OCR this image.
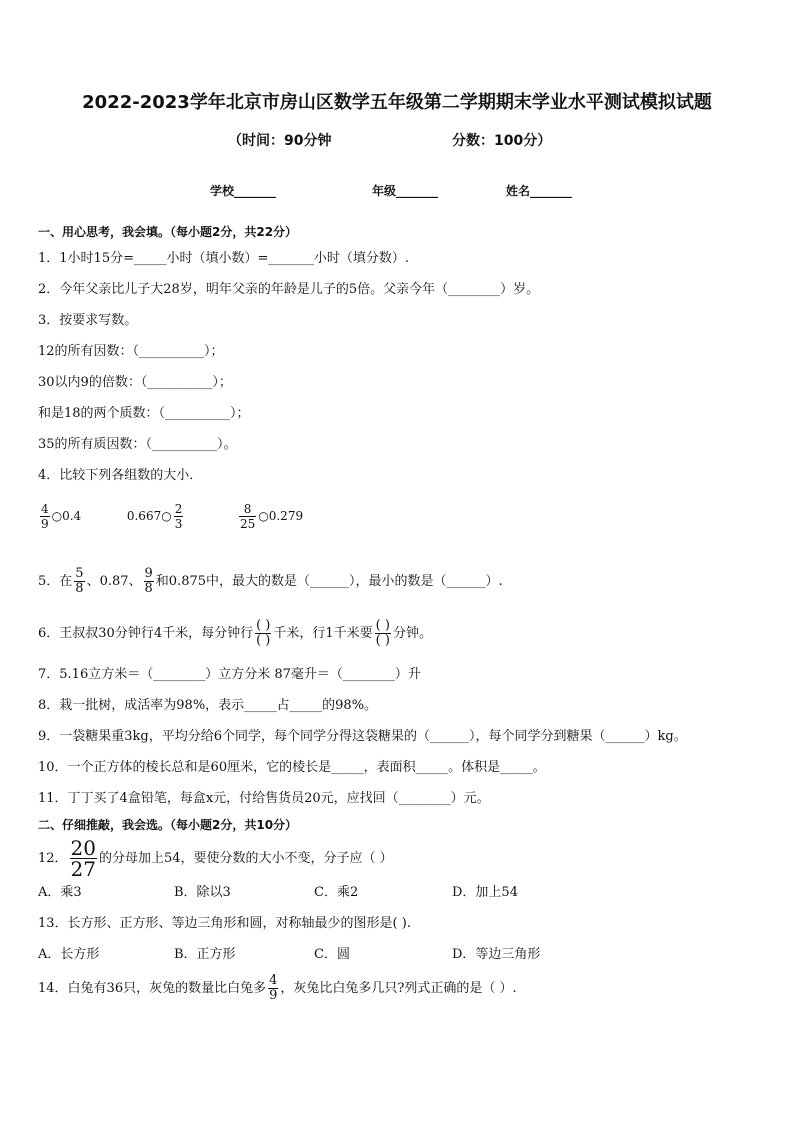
2022-2023学年北京市房山区数学五年级第二学期期末学业水平测试模拟试题
（时间：90分钟	分数：100分）
学校_______	年级_______	姓名_______
一、用心思考，我会填。（每小题2分，共22分）
1．1小时15分=_____小时（填小数）=_______小时（填分数）.
2．今年父亲比儿子大28岁，明年父亲的年龄是儿子的5倍。父亲今年（________）岁。
3．按要求写数。
12的所有因数：（__________）；
30以内9的倍数：（__________）；
和是18的两个质数：（__________）；
35的所有质因数：（__________）。
4．比较下列各组数的大小．
$\frac{4}{9}$ ○0.4	0.667○ $\frac{2}{3}$
	$\frac{8}{25}$ ○0.279
5．在 $\frac{5}{8}$ 、0.87、 $\frac{9}{8}$ 和0.875中，最大的数是（______），最小的数是（______）.
6．王叔叔30分钟行4千米，每分钟行 $\frac{( )}{( )}$ 千米，行1千米要 $\frac{( )}{( )}$ 分钟。
7．5.16立方米＝（________）立方分米 87毫升＝（________）升
8．栽一批树，成活率为98%，表示_____占_____的98%。
9．一袋糖果重3kg，平均分给6个同学，每个同学分得这袋糖果的（______），每个同学分到糖果（______）kg。
10．一个正方体的棱长总和是60厘米，它的棱长是_____，表面积_____。体积是_____。
11．丁丁买了4盒铅笔，每盒x元，付给售货员20元，应找回（________）元。
二、仔细推敲，我会选。（每小题2分，共10分）
12． $\frac{20}{27}$ 的分母加上54，要使分数的大小不变，分子应（ ）
A．乘3	B．除以3	C．乘2	D．加上54
13．长方形、正方形、等边三角形和圆，对称轴最少的图形是( ).
A．长方形	B．正方形	C．圆	D．等边三角形
14．白兔有36只，灰兔的数量比白兔多 $\frac{4}{9}$ ，灰兔比白兔多几只?列式正确的是（ ）.
